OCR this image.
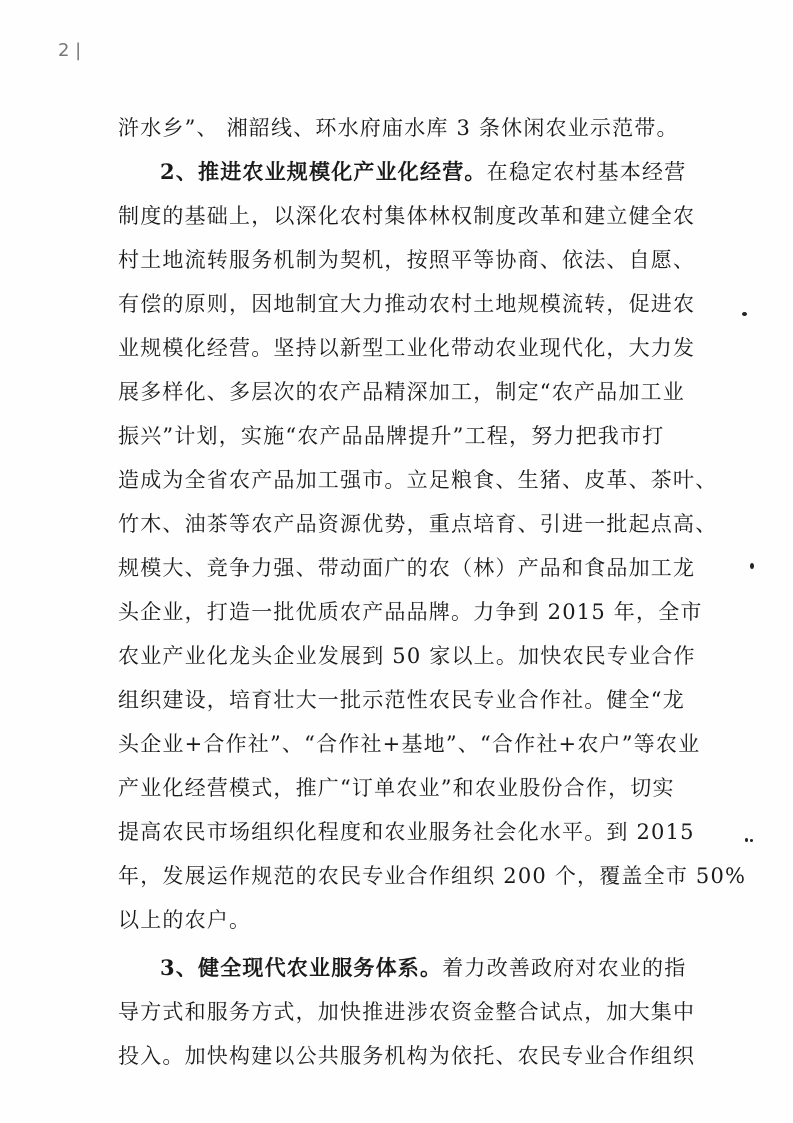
2 |
浒水乡”、 湘韶线、环水府庙水库 3 条休闲农业示范带。
2、推进农业规模化产业化经营。在稳定农村基本经营
制度的基础上，以深化农村集体林权制度改革和建立健全农
村土地流转服务机制为契机，按照平等协商、依法、自愿、
有偿的原则，因地制宜大力推动农村土地规模流转，促进农
业规模化经营。坚持以新型工业化带动农业现代化，大力发
展多样化、多层次的农产品精深加工，制定“农产品加工业
振兴”计划，实施“农产品品牌提升”工程，努力把我市打
造成为全省农产品加工强市。立足粮食、生猪、皮革、茶叶、
竹木、油茶等农产品资源优势，重点培育、引进一批起点高、
规模大、竞争力强、带动面广的农（林）产品和食品加工龙
头企业，打造一批优质农产品品牌。力争到 2015 年，全市
农业产业化龙头企业发展到 50 家以上。加快农民专业合作
组织建设，培育壮大一批示范性农民专业合作社。健全“龙
头企业+合作社”、“合作社+基地”、“合作社+农户”等农业
产业化经营模式，推广“订单农业”和农业股份合作，切实
提高农民市场组织化程度和农业服务社会化水平。到 2015
年，发展运作规范的农民专业合作组织 200 个，覆盖全市 50%
以上的农户。
3、健全现代农业服务体系。着力改善政府对农业的指
导方式和服务方式，加快推进涉农资金整合试点，加大集中
投入。加快构建以公共服务机构为依托、农民专业合作组织
